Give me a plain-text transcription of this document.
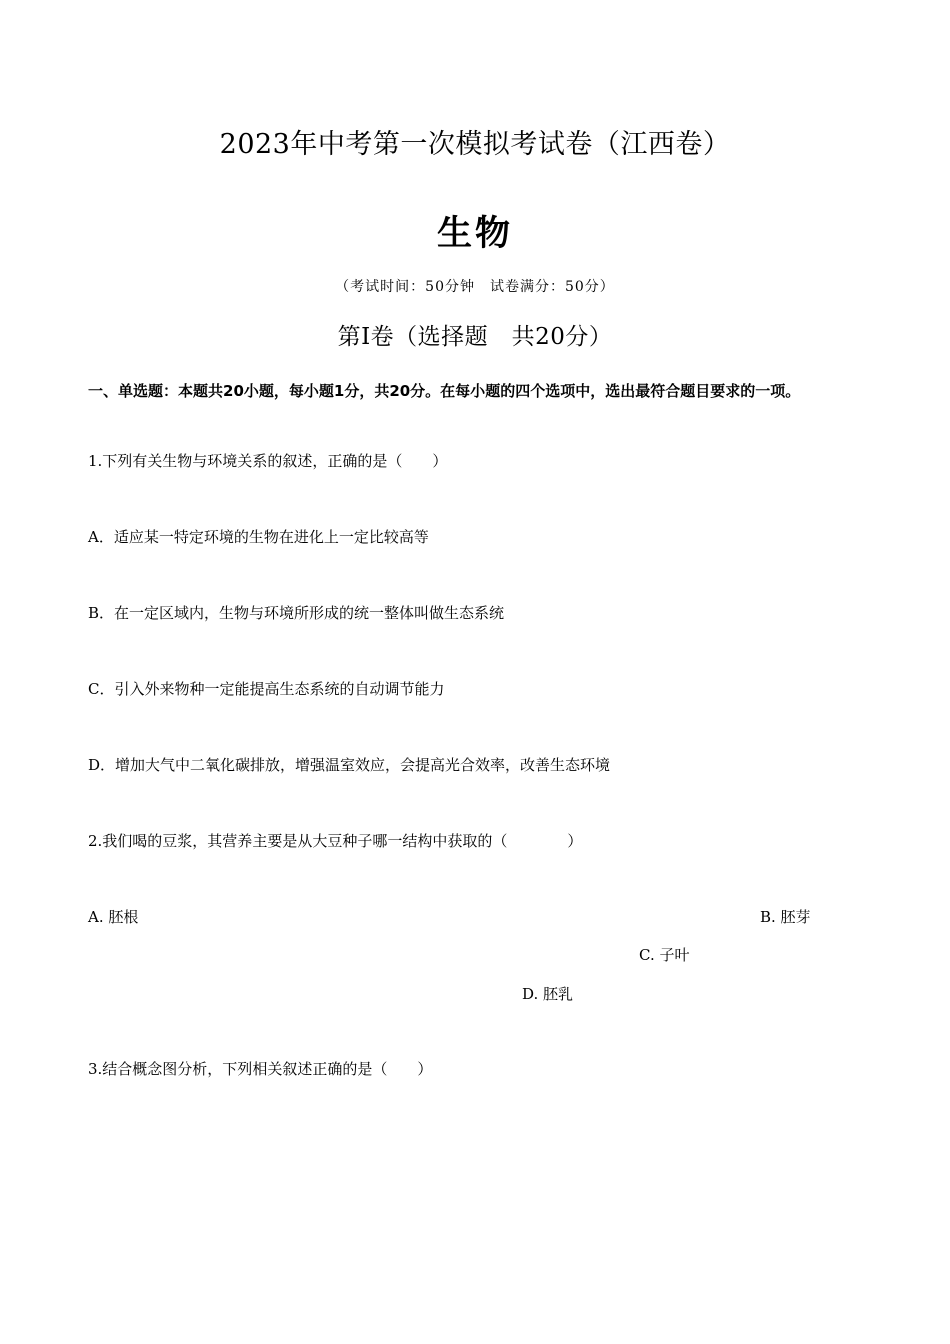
2023年中考第一次模拟考试卷（江西卷）
生物
（考试时间：50分钟　试卷满分：50分）
第Ⅰ卷（选择题　共20分）
一、单选题：本题共20小题，每小题1分，共20分。在每小题的四个选项中，选出最符合题目要求的一项。
1.下列有关生物与环境关系的叙述，正确的是（　　）
A．适应某一特定环境的生物在进化上一定比较高等
B．在一定区域内，生物与环境所形成的统一整体叫做生态系统
C．引入外来物种一定能提高生态系统的自动调节能力
D．增加大气中二氧化碳排放，增强温室效应，会提高光合效率，改善生态环境
2.我们喝的豆浆，其营养主要是从大豆种子哪一结构中获取的（　　　　）
A. 胚根	B. 胚芽
C. 子叶
D. 胚乳
3.结合概念图分析，下列相关叙述正确的是（　　）
